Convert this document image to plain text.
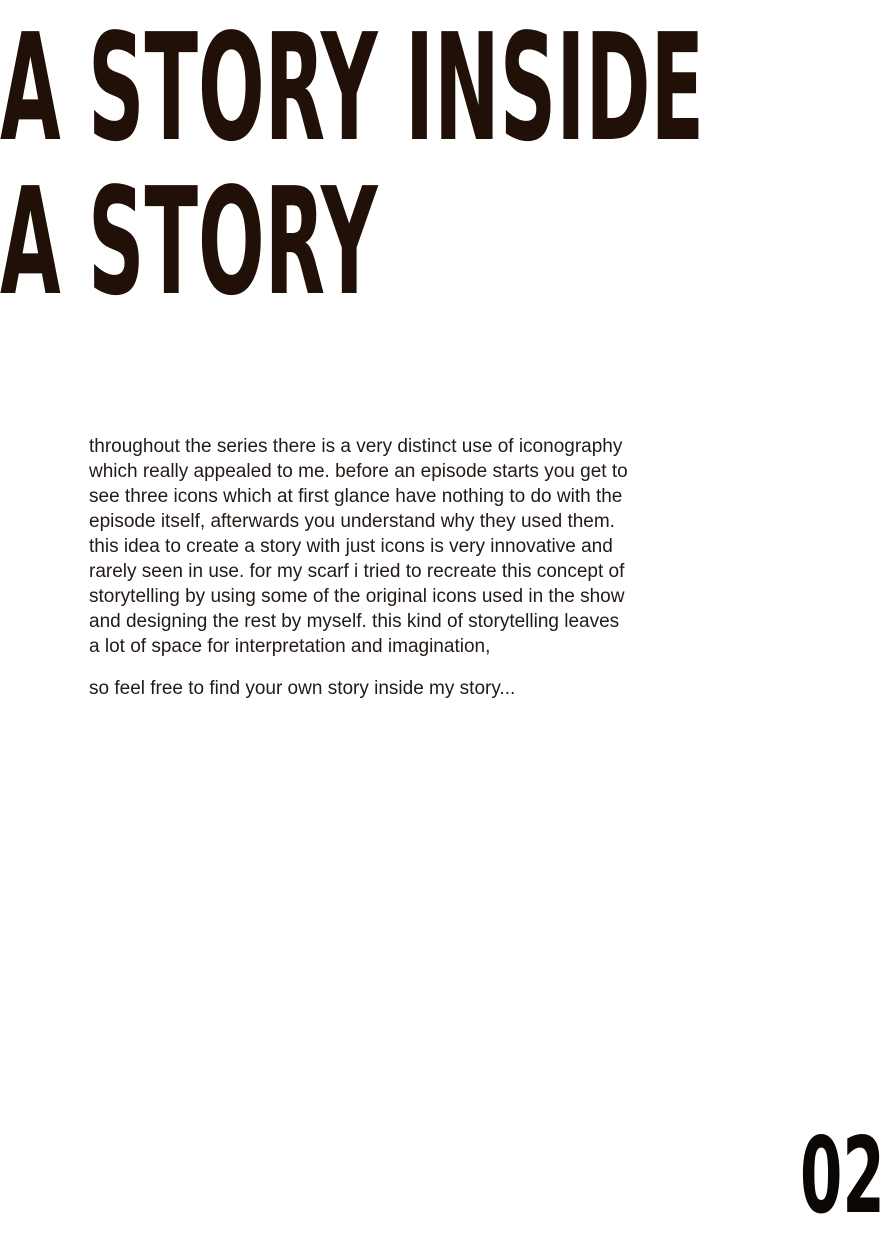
A STORY INSIDE
A STORY

throughout the series there is a very distinct use of iconography which really appealed to me. before an episode starts you get to see three icons which at first glance have nothing to do with the episode itself, afterwards you understand why they used them. this idea to create a story with just icons is very innovative and rarely seen in use. for my scarf i tried to recreate this concept of storytelling by using some of the original icons used in the show and designing the rest by myself. this kind of storytelling leaves a lot of space for interpretation and imagination,

so feel free to find your own story inside my story...

02
